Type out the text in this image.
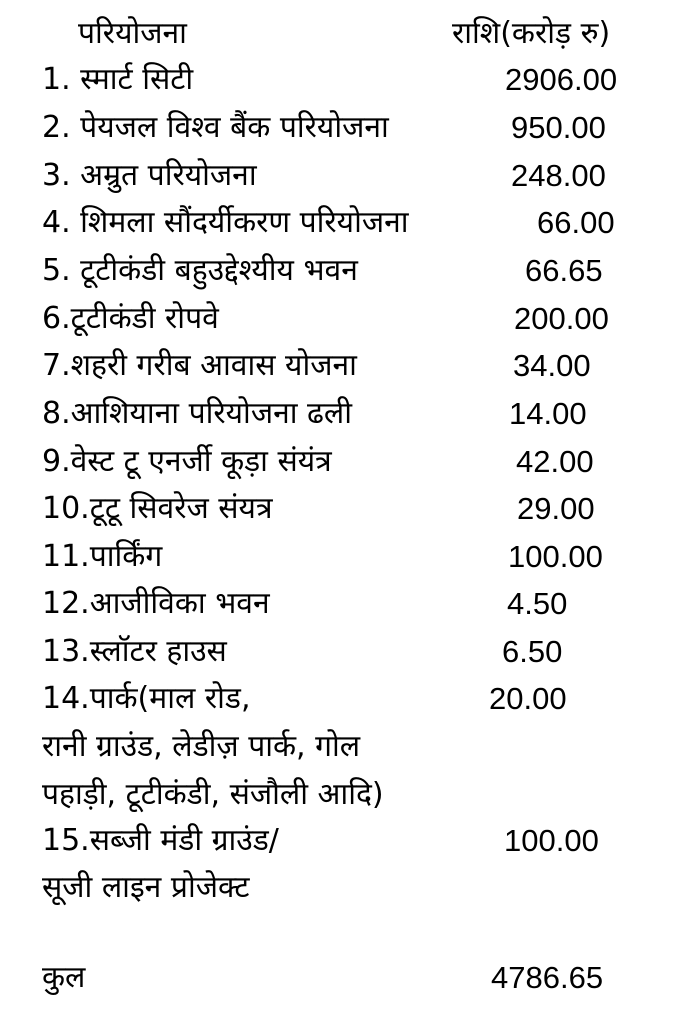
परियोजना	राशि(करोड़ रु)
1. स्मार्ट सिटी	2906.00
2. पेयजल विश्व बैंक परियोजना	950.00
3. अम्रुत परियोजना	248.00
4. शिमला सौंदर्यीकरण परियोजना	66.00
5. टूटीकंडी बहुउद्देश्यीय भवन	66.65
6.टूटीकंडी रोपवे	200.00
7.शहरी गरीब आवास योजना	34.00
8.आशियाना परियोजना ढली	14.00
9.वेस्ट टू एनर्जी कूड़ा संयंत्र	42.00
10.टूटू सिवरेज संयत्र	29.00
11.पार्किंग	100.00
12.आजीविका भवन	4.50
13.स्लॉटर हाउस	6.50
14.पार्क(माल रोड,	20.00
रानी ग्राउंड, लेडीज़ पार्क, गोल
पहाड़ी, टूटीकंडी, संजौली आदि)
15.सब्जी मंडी ग्राउंड/	100.00
सूजी लाइन प्रोजेक्ट
कुल	4786.65
